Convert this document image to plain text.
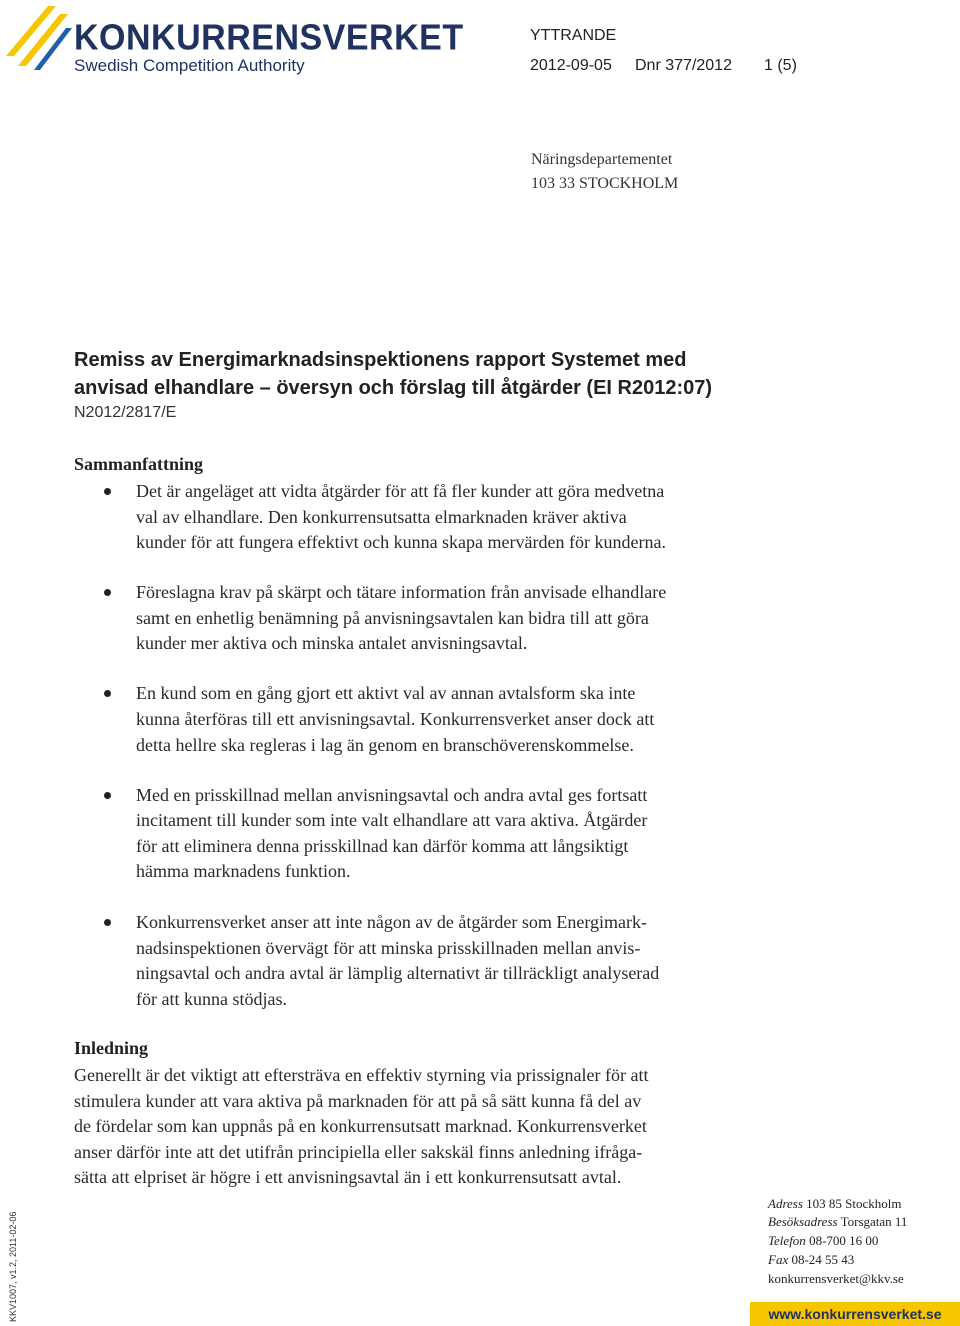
KONKURRENSVERKET
Swedish Competition Authority
YTTRANDE
2012-09-05 Dnr 377/2012 1 (5)
Näringsdepartementet
103 33 STOCKHOLM
Remiss av Energimarknadsinspektionens rapport Systemet med
anvisad elhandlare – översyn och förslag till åtgärder (EI R2012:07)
N2012/2817/E
Sammanfattning
Det är angeläget att vidta åtgärder för att få fler kunder att göra medvetna
val av elhandlare. Den konkurrensutsatta elmarknaden kräver aktiva
kunder för att fungera effektivt och kunna skapa mervärden för kunderna.
Föreslagna krav på skärpt och tätare information från anvisade elhandlare
samt en enhetlig benämning på anvisningsavtalen kan bidra till att göra
kunder mer aktiva och minska antalet anvisningsavtal.
En kund som en gång gjort ett aktivt val av annan avtalsform ska inte
kunna återföras till ett anvisningsavtal. Konkurrensverket anser dock att
detta hellre ska regleras i lag än genom en branschöverenskommelse.
Med en prisskillnad mellan anvisningsavtal och andra avtal ges fortsatt
incitament till kunder som inte valt elhandlare att vara aktiva. Åtgärder
för att eliminera denna prisskillnad kan därför komma att långsiktigt
hämma marknadens funktion.
Konkurrensverket anser att inte någon av de åtgärder som Energimark-
nadsinspektionen övervägt för att minska prisskillnaden mellan anvis-
ningsavtal och andra avtal är lämplig alternativt är tillräckligt analyserad
för att kunna stödjas.
Inledning
Generellt är det viktigt att eftersträva en effektiv styrning via prissignaler för att
stimulera kunder att vara aktiva på marknaden för att på så sätt kunna få del av
de fördelar som kan uppnås på en konkurrensutsatt marknad. Konkurrensverket
anser därför inte att det utifrån principiella eller sakskäl finns anledning ifråga-
sätta att elpriset är högre i ett anvisningsavtal än i ett konkurrensutsatt avtal.
KKV1007, v1.2, 2011-02-06
Adress 103 85 Stockholm
Besöksadress Torsgatan 11
Telefon 08-700 16 00
Fax 08-24 55 43
konkurrensverket@kkv.se
www.konkurrensverket.se
